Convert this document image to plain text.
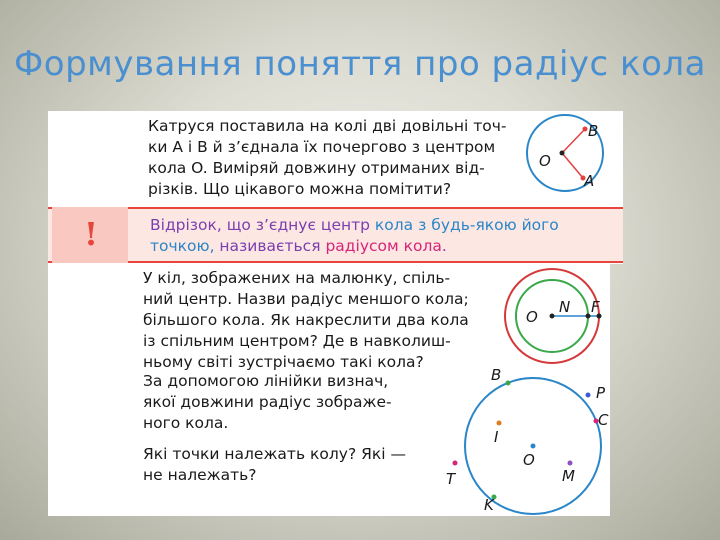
Формування поняття про радіус кола
Катруся поставила на колі дві довільні точ-
ки A і B й з’єднала їх почергово з центром
кола O. Виміряй довжину отриманих від-
різків. Що цікавого можна помітити?
!	Відрізок, що з’єднує центр кола з будь-якою його
точкою, називається радіусом кола.
У кіл, зображених на малюнку, спіль-
ний центр. Назви радіус меншого кола;
більшого кола. Як накреслити два кола
із спільним центром? Де в навколиш-
ньому світі зустрічаємо такі кола?
За допомогою лінійки визнач,
якої довжини радіус зображе-
ного кола.
Які точки належать колу? Які —
не належать?
B
O
A
O
N F
B
P
C
I
O
T	M
K
